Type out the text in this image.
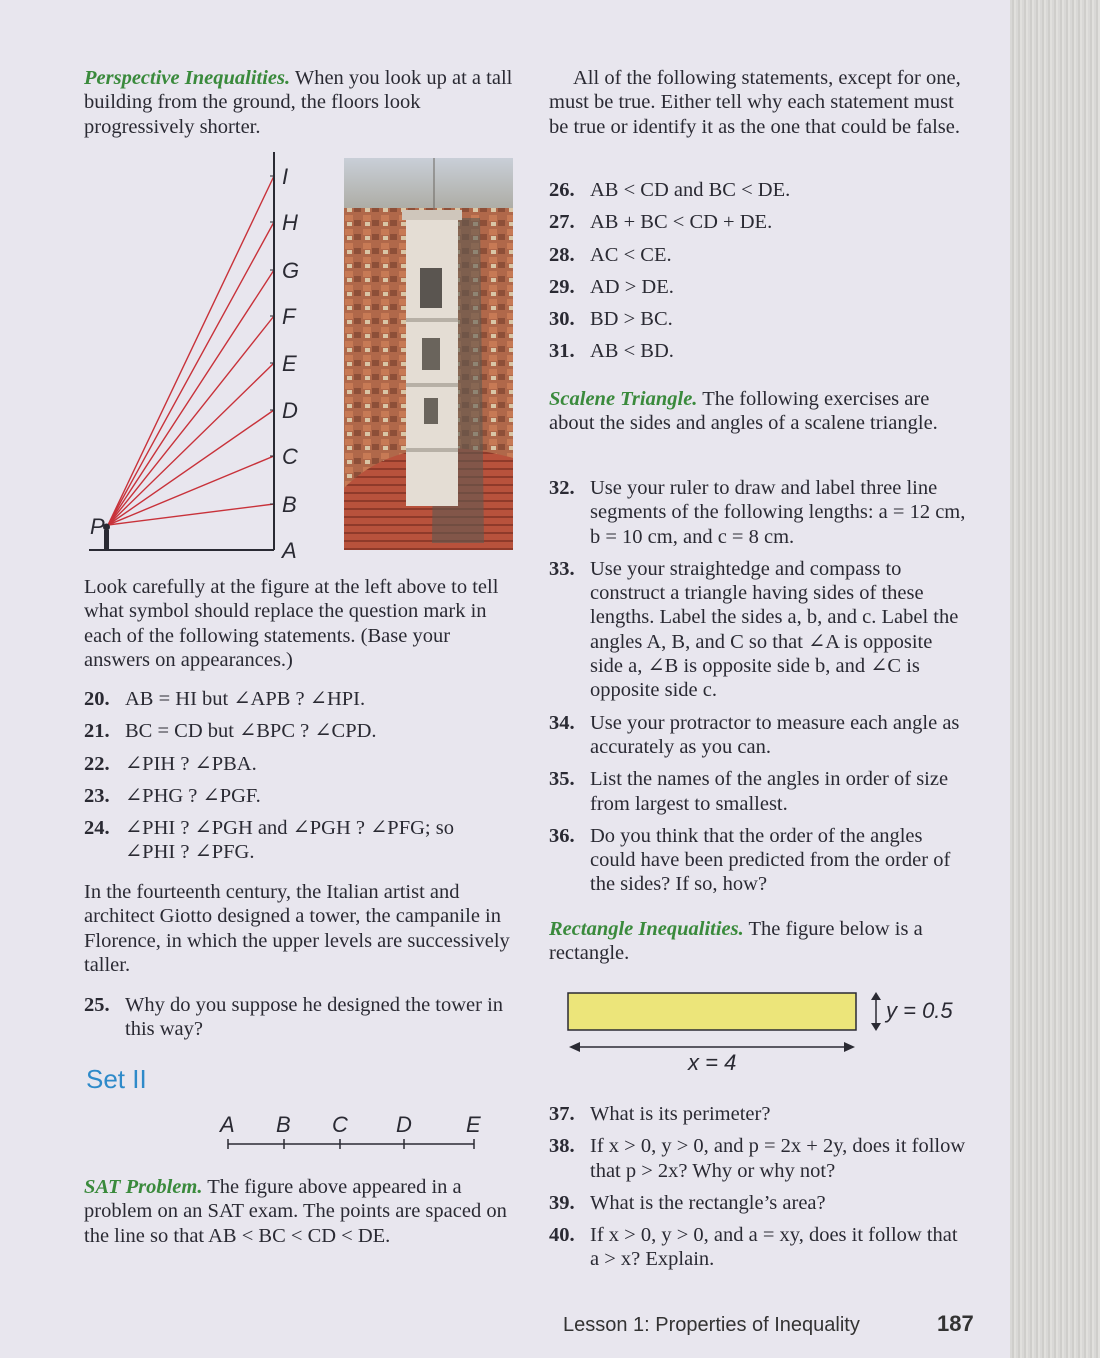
Perspective Inequalities. When you look up at a tall building from the ground, the floors look progressively shorter.

P
I
H
G
F
E
D
C
B
A

Look carefully at the figure at the left above to tell what symbol should replace the question mark in each of the following statements. (Base your answers on appearances.)

20. AB = HI but ∠APB ? ∠HPI.

21. BC = CD but ∠BPC ? ∠CPD.

22. ∠PIH ? ∠PBA.

23. ∠PHG ? ∠PGF.

24. ∠PHI ? ∠PGH and ∠PGH ? ∠PFG; so ∠PHI ? ∠PFG.

In the fourteenth century, the Italian artist and architect Giotto designed a tower, the campanile in Florence, in which the upper levels are successively taller.

25. Why do you suppose he designed the tower in this way?

Set II
A B C D E

SAT Problem. The figure above appeared in a problem on an SAT exam. The points are spaced on the line so that AB < BC < CD < DE.

All of the following statements, except for one, must be true. Either tell why each statement must be true or identify it as the one that could be false.

26. AB < CD and BC < DE.

27. AB + BC < CD + DE.

28. AC < CE.

29. AD > DE.

30. BD > BC.

31. AB < BD.

Scalene Triangle. The following exercises are about the sides and angles of a scalene triangle.

32. Use your ruler to draw and label three line segments of the following lengths: a = 12 cm, b = 10 cm, and c = 8 cm.

33. Use your straightedge and compass to construct a triangle having sides of these lengths. Label the sides a, b, and c. Label the angles A, B, and C so that ∠A is opposite side a, ∠B is opposite side b, and ∠C is opposite side c.

34. Use your protractor to measure each angle as accurately as you can.

35. List the names of the angles in order of size from largest to smallest.

36. Do you think that the order of the angles could have been predicted from the order of the sides? If so, how?

Rectangle Inequalities. The figure below is a rectangle.

y = 0.5
x = 4

37. What is its perimeter?

38. If x > 0, y > 0, and p = 2x + 2y, does it follow that p > 2x? Why or why not?

39. What is the rectangle’s area?

40. If x > 0, y > 0, and a = xy, does it follow that a > x? Explain.

Lesson 1: Properties of Inequality	187
